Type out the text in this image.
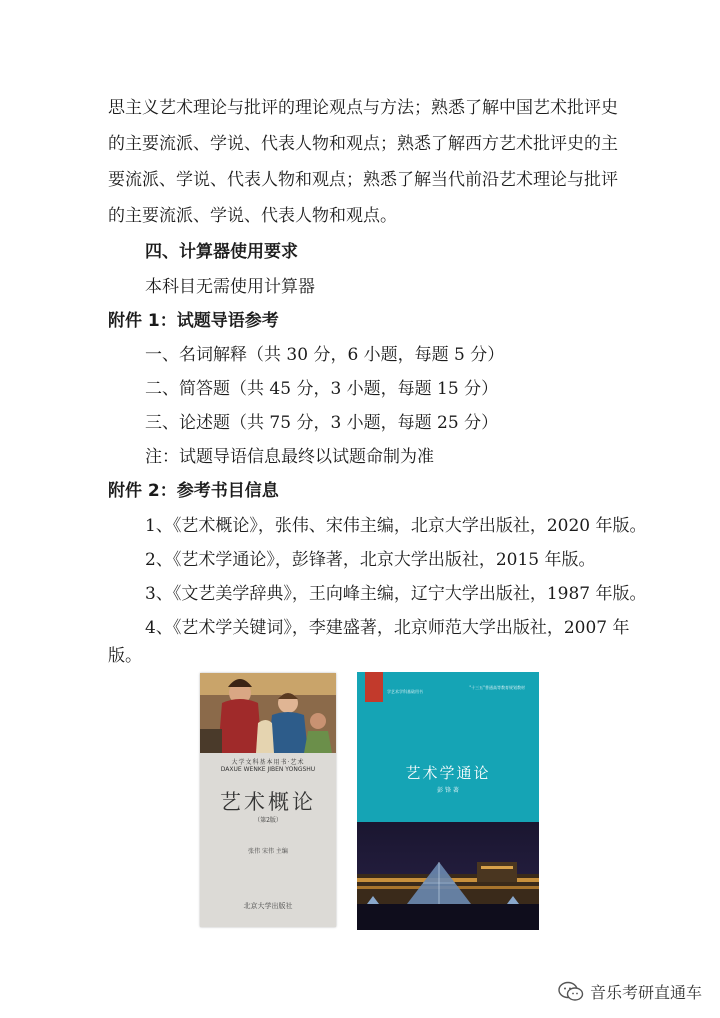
思主义艺术理论与批评的理论观点与方法；熟悉了解中国艺术批评史的主要流派、学说、代表人物和观点；熟悉了解西方艺术批评史的主要流派、学说、代表人物和观点；熟悉了解当代前沿艺术理论与批评的主要流派、学说、代表人物和观点。
四、计算器使用要求
本科目无需使用计算器
附件 1：试题导语参考
一、名词解释（共 30 分，6 小题，每题 5 分）
二、简答题（共 45 分，3 小题，每题 15 分）
三、论述题（共 75 分，3 小题，每题 25 分）
注：试题导语信息最终以试题命制为准
附件 2：参考书目信息
1、《艺术概论》，张伟、宋伟主编，北京大学出版社，2020 年版。
2、《艺术学通论》，彭锋著，北京大学出版社，2015 年版。
3、《文艺美学辞典》，王向峰主编，辽宁大学出版社，1987 年版。
4、《艺术学关键词》，李建盛著，北京师范大学出版社，2007 年
版。
大学文科基本用书·艺术
DAXUE WENKE JIBEN YONGSHU
艺术概论
（第2版）
张伟 宋伟 主编
北京大学出版社
学艺术学科基础用书
"十三五"普通高等教育规划教材
艺术学通论
彭 锋 著
音乐考研直通车
